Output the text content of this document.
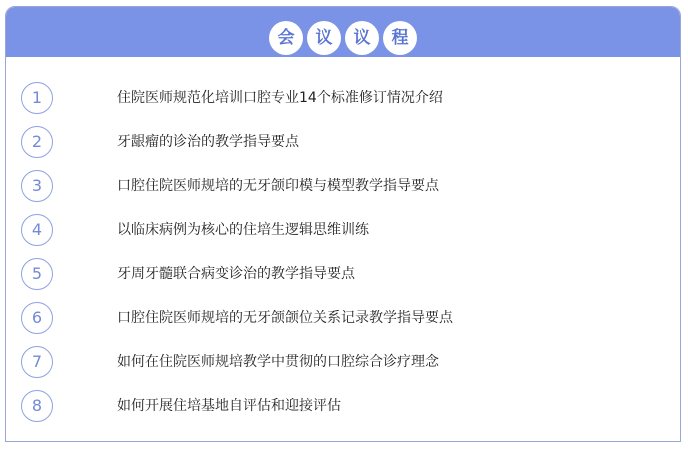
会	议	议	程
1	住院医师规范化培训口腔专业14个标准修订情况介绍
2	牙龈瘤的诊治的教学指导要点
3	口腔住院医师规培的无牙颌印模与模型教学指导要点
4	以临床病例为核心的住培生逻辑思维训练
5	牙周牙髓联合病变诊治的教学指导要点
6	口腔住院医师规培的无牙颌颌位关系记录教学指导要点
7	如何在住院医师规培教学中贯彻的口腔综合诊疗理念
8	如何开展住培基地自评估和迎接评估
